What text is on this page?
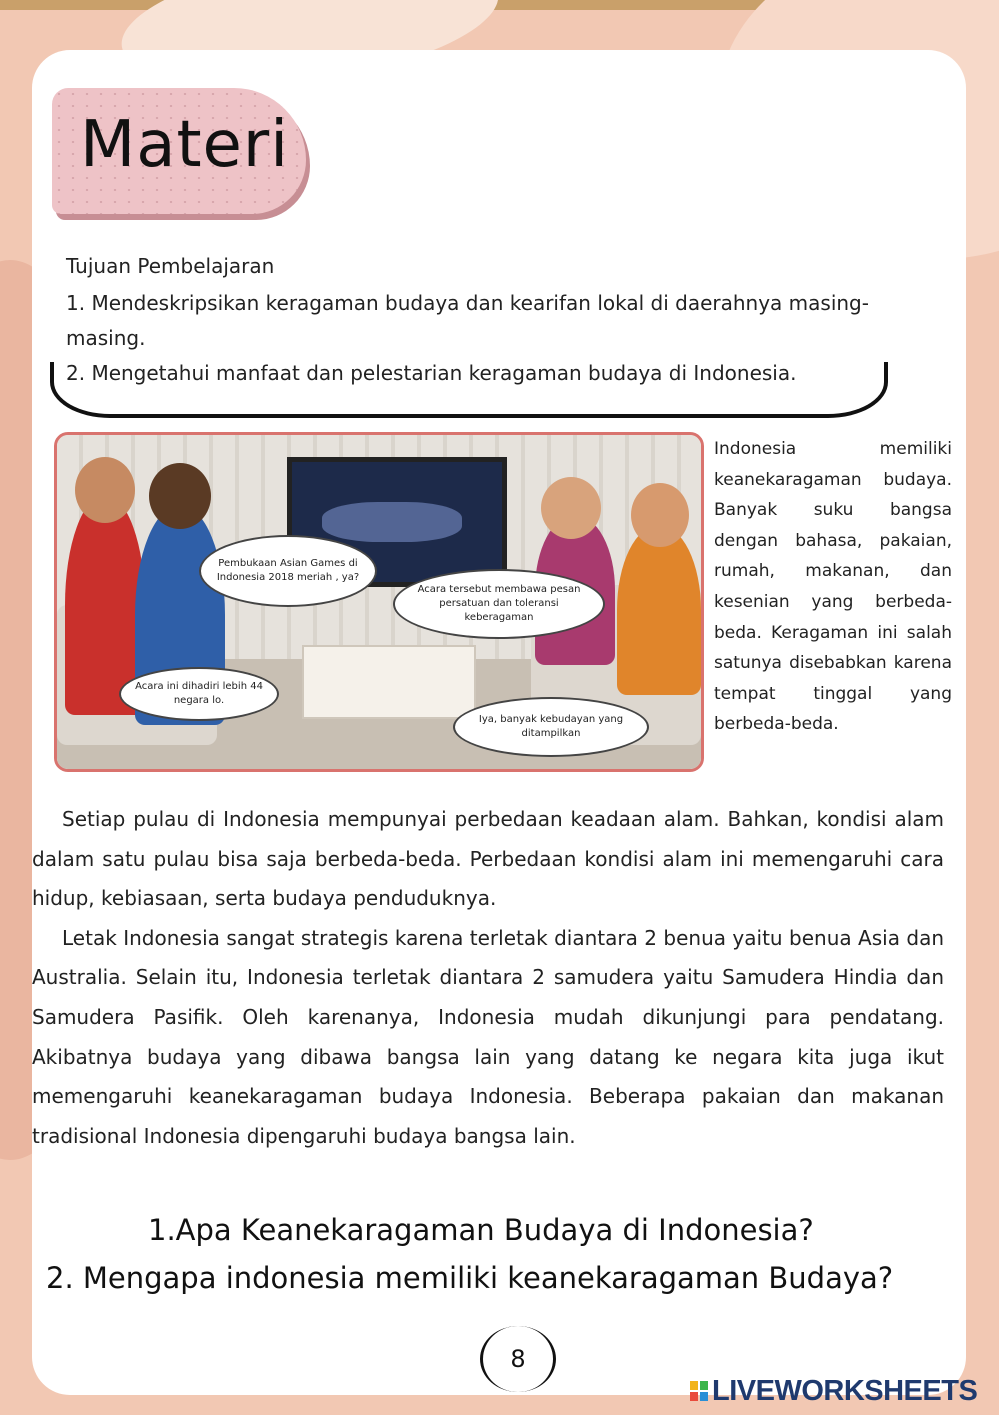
Materi
Tujuan Pembelajaran
1. Mendeskripsikan keragaman budaya dan kearifan lokal di daerahnya masing-masing.
2. Mengetahui manfaat dan pelestarian keragaman budaya di Indonesia.
Pembukaan Asian Games di Indonesia 2018 meriah , ya?
Acara tersebut membawa pesan persatuan dan toleransi keberagaman
Acara ini dihadiri lebih 44 negara lo.
Iya, banyak kebudayan yang ditampilkan
Indonesia memiliki keanekaragaman budaya. Banyak suku bangsa dengan bahasa, pakaian, rumah, makanan, dan kesenian yang berbeda-beda. Keragaman ini salah satunya disebabkan karena tempat tinggal yang berbeda-beda.

Setiap pulau di Indonesia mempunyai perbedaan keadaan alam. Bahkan, kondisi alam dalam satu pulau bisa saja berbeda-beda. Perbedaan kondisi alam ini memengaruhi cara hidup, kebiasaan, serta budaya penduduknya.

Letak Indonesia sangat strategis karena terletak diantara 2 benua yaitu benua Asia dan Australia. Selain itu, Indonesia terletak diantara 2 samudera yaitu Samudera Hindia dan Samudera Pasifik. Oleh karenanya, Indonesia mudah dikunjungi para pendatang. Akibatnya budaya yang dibawa bangsa lain yang datang ke negara kita juga ikut memengaruhi keanekaragaman budaya Indonesia. Beberapa pakaian dan makanan tradisional Indonesia dipengaruhi budaya bangsa lain.

1.Apa Keanekaragaman Budaya di Indonesia?
2. Mengapa indonesia memiliki keanekaragaman Budaya?
8
LIVEWORKSHEETS
